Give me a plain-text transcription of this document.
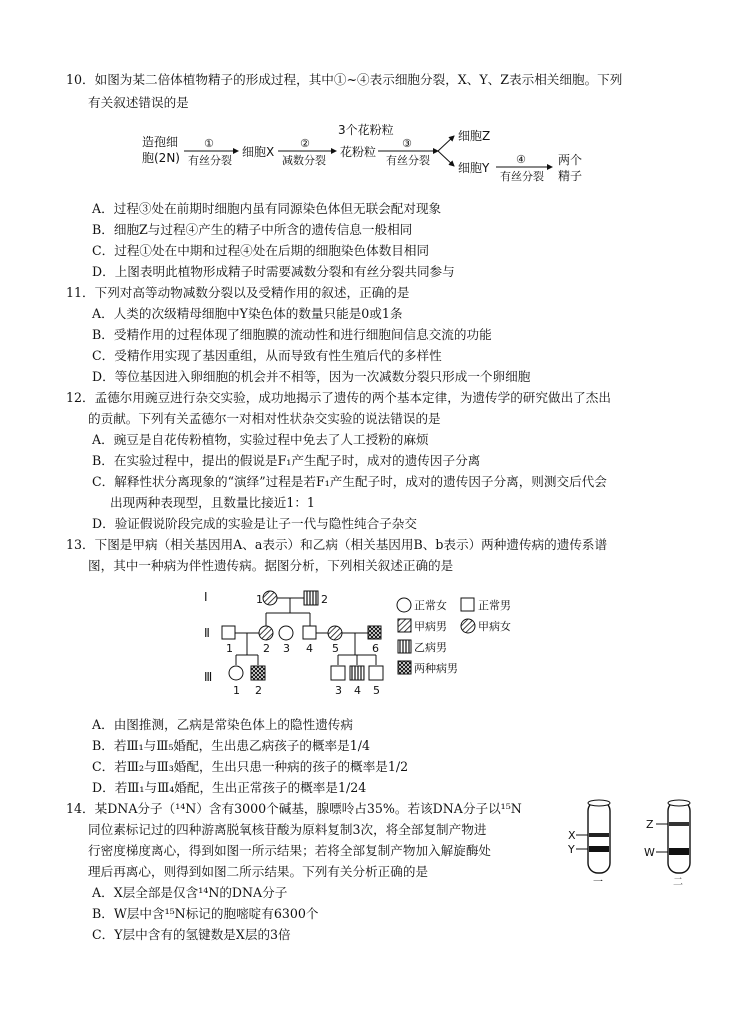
10．如图为某二倍体植物精子的形成过程，其中①~④表示细胞分裂，X、Y、Z表示相关细胞。下列
有关叙述错误的是
造孢细
胞(2N)
①
有丝分裂
细胞X
②
减数分裂
3个花粉粒
花粉粒
③
有丝分裂
细胞Z
细胞Y
④
有丝分裂
两个
精子
A．过程③处在前期时细胞内虽有同源染色体但无联会配对现象
B．细胞Z与过程④产生的精子中所含的遗传信息一般相同
C．过程①处在中期和过程④处在后期的细胞染色体数目相同
D．上图表明此植物形成精子时需要减数分裂和有丝分裂共同参与
11．下列对高等动物减数分裂以及受精作用的叙述，正确的是
A．人类的次级精母细胞中Y染色体的数量只能是0或1条
B．受精作用的过程体现了细胞膜的流动性和进行细胞间信息交流的功能
C．受精作用实现了基因重组，从而导致有性生殖后代的多样性
D．等位基因进入卵细胞的机会并不相等，因为一次减数分裂只形成一个卵细胞
12．孟德尔用豌豆进行杂交实验，成功地揭示了遗传的两个基本定律，为遗传学的研究做出了杰出
的贡献。下列有关孟德尔一对相对性状杂交实验的说法错误的是
A．豌豆是自花传粉植物，实验过程中免去了人工授粉的麻烦
B．在实验过程中，提出的假说是F₁产生配子时，成对的遗传因子分离
C．解释性状分离现象的“演绎”过程是若F₁产生配子时，成对的遗传因子分离，则测交后代会
出现两种表现型，且数量比接近1：1
D．验证假说阶段完成的实验是让子一代与隐性纯合子杂交
13．下图是甲病（相关基因用A、a表示）和乙病（相关基因用B、b表示）两种遗传病的遗传系谱
图，其中一种病为伴性遗传病。据图分析，下列相关叙述正确的是
Ⅰ
Ⅱ
Ⅲ
1	2
1	2 3 4 5	6
1 2	3 4 5
正常女	正常男
甲病男	甲病女
乙病男
两种病男
A．由图推测，乙病是常染色体上的隐性遗传病
B．若Ⅲ₁与Ⅲ₅婚配，生出患乙病孩子的概率是1/4
C．若Ⅲ₂与Ⅲ₃婚配，生出只患一种病的孩子的概率是1/2
D．若Ⅲ₁与Ⅲ₄婚配，生出正常孩子的概率是1/24
14．某DNA分子（¹⁴N）含有3000个碱基，腺嘌呤占35%。若该DNA分子以¹⁵N
同位素标记过的四种游离脱氧核苷酸为原料复制3次，将全部复制产物进
行密度梯度离心，得到如图一所示结果；若将全部复制产物加入解旋酶处
理后再离心，则得到如图二所示结果。下列有关分析正确的是
A．X层全部是仅含¹⁴N的DNA分子
B．W层中含¹⁵N标记的胞嘧啶有6300个
C．Y层中含有的氢键数是X层的3倍
X
Y
一
Z
W
二
